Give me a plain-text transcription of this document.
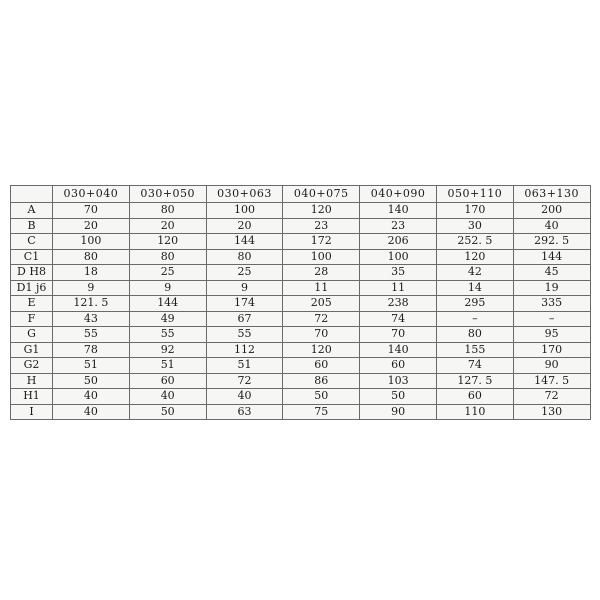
	030+040	030+050	030+063	040+075	040+090	050+110	063+130
A	70	80	100	120	140	170	200
B	20	20	20	23	23	30	40
C	100	120	144	172	206	252. 5	292. 5
C1	80	80	80	100	100	120	144
D H8	18	25	25	28	35	42	45
D1 j6	9	9	9	11	11	14	19
E	121. 5	144	174	205	238	295	335
F	43	49	67	72	74	–	–
G	55	55	55	70	70	80	95
G1	78	92	112	120	140	155	170
G2	51	51	51	60	60	74	90
H	50	60	72	86	103	127. 5	147. 5
H1	40	40	40	50	50	60	72
I	40	50	63	75	90	110	130
